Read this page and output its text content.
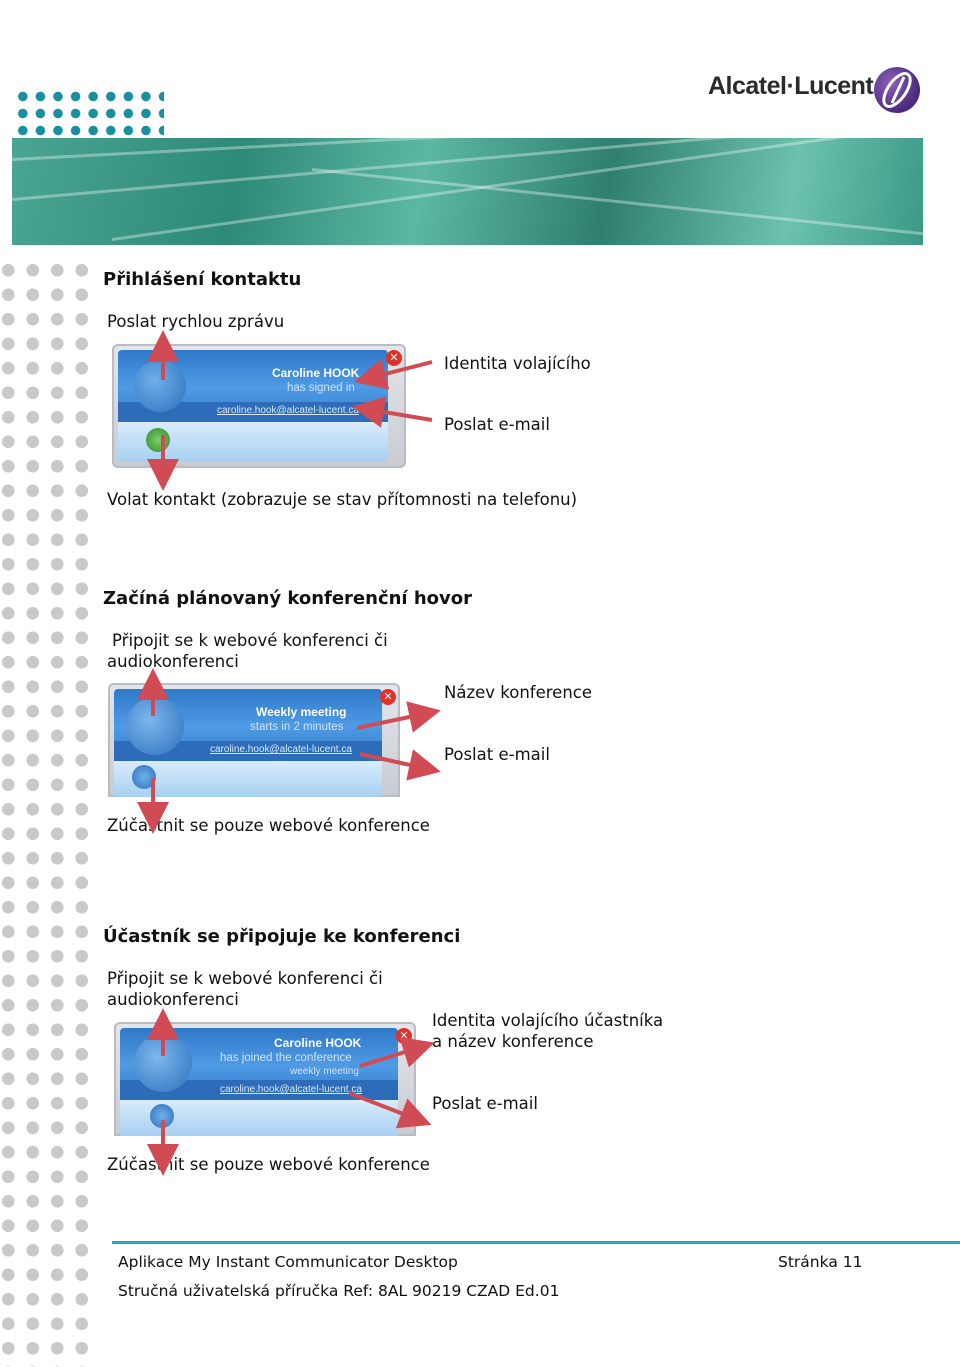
Alcatel·Lucent
Přihlášení kontaktu
Poslat rychlou zprávu
✕
Caroline HOOK
has signed in
caroline.hook@alcatel-lucent.ca
Identita volajícího
Poslat e-mail
Volat kontakt (zobrazuje se stav přítomnosti na telefonu)
Začíná plánovaný konferenční hovor
Připojit se k webové konferenci či
audiokonferenci
✕
Weekly meeting
starts in 2 minutes
caroline.hook@alcatel-lucent.ca
Název konference
Poslat e-mail
Zúčastnit se pouze webové konference
Účastník se připojuje ke konferenci
Připojit se k webové konferenci či
audiokonferenci
✕
Caroline HOOK
has joined the conference
weekly meeting
caroline.hook@alcatel-lucent.ca
Identita volajícího účastníka
a název konference
Poslat e-mail
Zúčastnit se pouze webové konference
Aplikace My Instant Communicator Desktop	Stránka 11
Stručná uživatelská příručka Ref: 8AL 90219 CZAD Ed.01
